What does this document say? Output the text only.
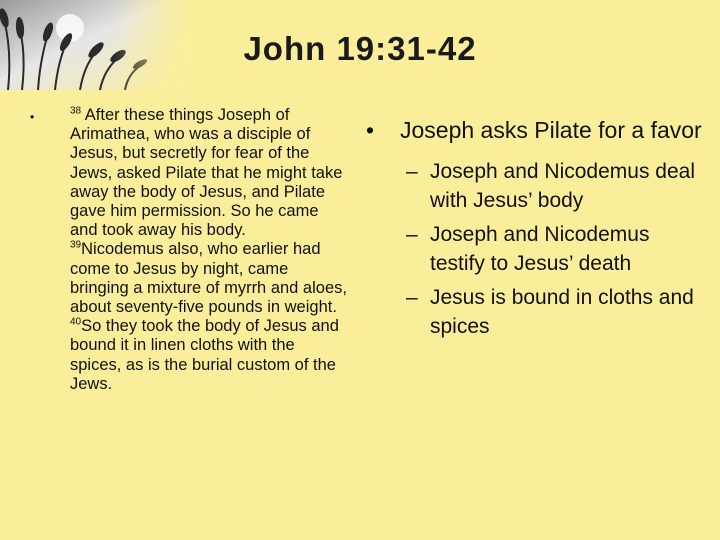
John 19:31-42
•	$^{38}$ After these things Joseph of Arimathea, who was a disciple of Jesus, but secretly for fear of the Jews, asked Pilate that he might take away the body of Jesus, and Pilate gave him permission. So he came and took away his body.
$^{39}$Nicodemus also, who earlier had come to Jesus by night, came bringing a mixture of myrrh and aloes, about seventy-five pounds in weight.
$^{40}$So they took the body of Jesus and bound it in linen cloths with the spices, as is the burial custom of the Jews.
•	Joseph asks Pilate for a favor
– Joseph and Nicodemus deal with Jesus’ body
– Joseph and Nicodemus testify to Jesus’ death
– Jesus is bound in cloths and spices
